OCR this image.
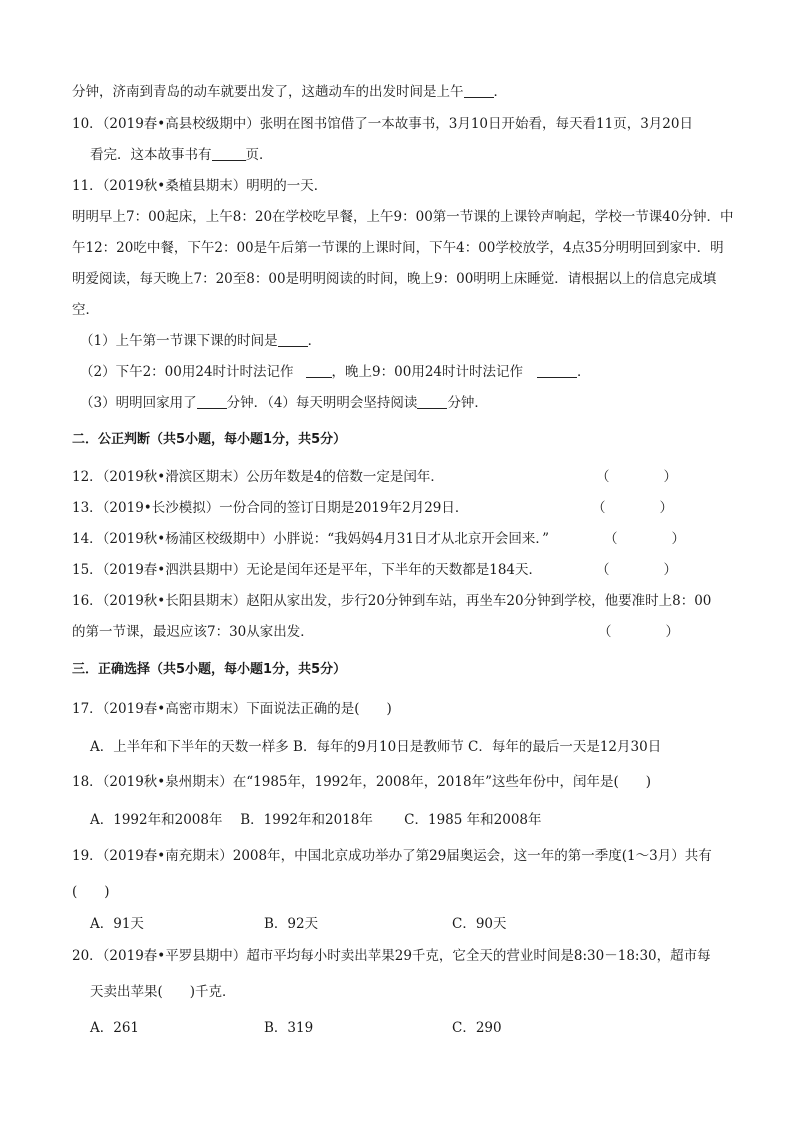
分钟，济南到青岛的动车就要出发了，这趟动车的出发时间是上午 ．
10．（2019春•高县校级期中）张明在图书馆借了一本故事书，3月10日开始看，每天看11页，3月20日
看完．这本故事书有	页．
11．（2019秋•桑植县期末）明明的一天．
明明早上7：00起床，上午8：20在学校吃早餐，上午9：00第一节课的上课铃声响起，学校一节课40分钟．中
午12：20吃中餐，下午2：00是午后第一节课的上课时间，下午4：00学校放学，4点35分明明回到家中．明
明爱阅读，每天晚上7：20至8：00是明明阅读的时间，晚上9：00明明上床睡觉．请根据以上的信息完成填
空．
（1）上午第一节课下课的时间是 ．
（2）下午2：00用24时计时法记作	，晚上9：00用24时计时法记作	．
（3）明明回家用了 分钟．（4）每天明明会坚持阅读 分钟．
二．公正判断（共5小题，每小题1分，共5分）
12．（2019秋•滑滨区期末）公历年数是4的倍数一定是闰年．	（　　　　）
13．（2019•长沙模拟）一份合同的签订日期是2019年2月29日．	（　　　　）
14．（2019秋•杨浦区校级期中）小胖说：“我妈妈4月31日才从北京开会回来．”	（　　　　）
15．（2019春•泗洪县期中）无论是闰年还是平年，下半年的天数都是184天．	（　　　　）
16．（2019秋•长阳县期末）赵阳从家出发，步行20分钟到车站，再坐车20分钟到学校，他要准时上8：00
的第一节课，最迟应该7：30从家出发．	（　　　　）
三．正确选择（共5小题，每小题1分，共5分）
17．（2019春•高密市期末）下面说法正确的是(　　)
A．上半年和下半年的天数一样多 B．每年的9月10日是教师节 C．每年的最后一天是12月30日
18．（2019秋•泉州期末）在“1985年，1992年，2008年，2018年”这些年份中，闰年是(　　)
A．1992年和2008年　 B．1992年和2018年　　 C．1985 年和2008年
19．（2019春•南充期末）2008年，中国北京成功举办了第29届奥运会，这一年的第一季度(1～3月）共有
(　　)
A．91天	B．92天	C．90天
20．（2019春•平罗县期中）超市平均每小时卖出苹果29千克，它全天的营业时间是8:30－18:30，超市每
天卖出苹果(　　)千克．
A．261	B．319	C．290
